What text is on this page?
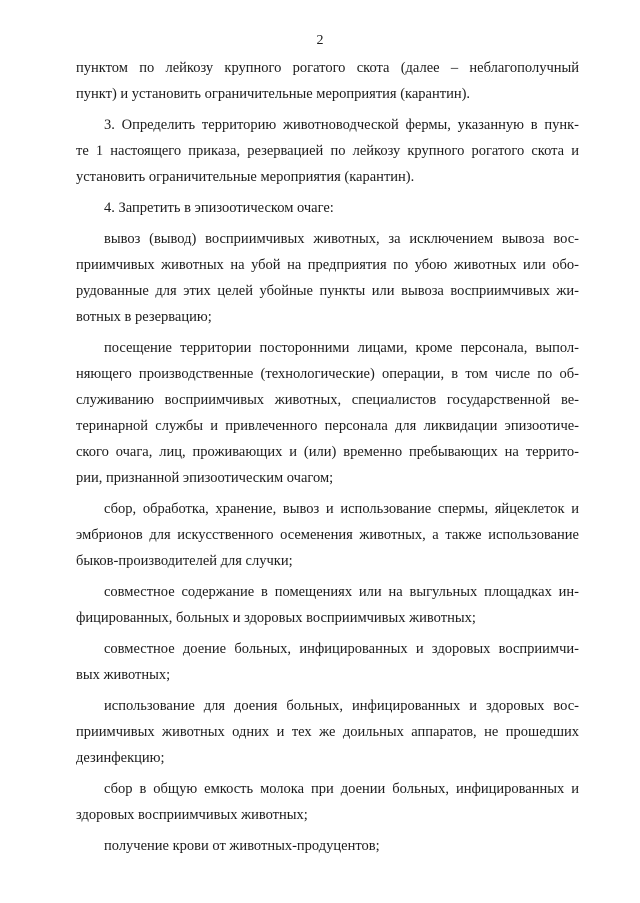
2
пунктом по лейкозу крупного рогатого скота (далее – неблагополучный
пункт) и установить ограничительные мероприятия (карантин).
3. Определить территорию животноводческой фермы, указанную в пунк-
те 1 настоящего приказа, резервацией по лейкозу крупного рогатого скота и
установить ограничительные мероприятия (карантин).
4. Запретить в эпизоотическом очаге:
вывоз (вывод) восприимчивых животных, за исключением вывоза вос-
приимчивых животных на убой на предприятия по убою животных или обо-
рудованные для этих целей убойные пункты или вывоза восприимчивых жи-
вотных в резервацию;
посещение территории посторонними лицами, кроме персонала, выпол-
няющего производственные (технологические) операции, в том числе по об-
служиванию восприимчивых животных, специалистов государственной ве-
теринарной службы и привлеченного персонала для ликвидации эпизоотиче-
ского очага, лиц, проживающих и (или) временно пребывающих на террито-
рии, признанной эпизоотическим очагом;
сбор, обработка, хранение, вывоз и использование спермы, яйцеклеток и
эмбрионов для искусственного осеменения животных, а также использование
быков-производителей для случки;
совместное содержание в помещениях или на выгульных площадках ин-
фицированных, больных и здоровых восприимчивых животных;
совместное доение больных, инфицированных и здоровых восприимчи-
вых животных;
использование для доения больных, инфицированных и здоровых вос-
приимчивых животных одних и тех же доильных аппаратов, не прошедших
дезинфекцию;
сбор в общую емкость молока при доении больных, инфицированных и
здоровых восприимчивых животных;
получение крови от животных-продуцентов;
